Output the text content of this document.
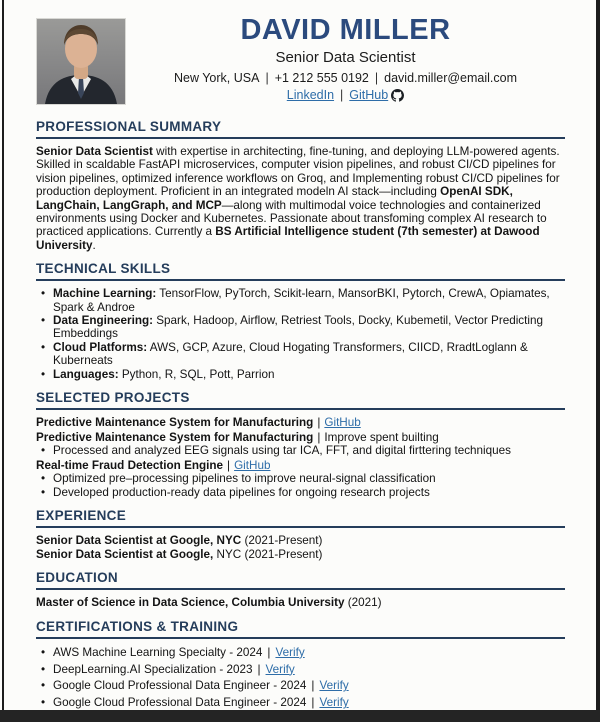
DAVID MILLER
Senior Data Scientist
New York, USA | +1 212 555 0192 | david.miller@email.com
LinkedIn | GitHub
PROFESSIONAL SUMMARY
Senior Data Scientist with expertise in architecting, fine-tuning, and deploying LLM-powered agents. Skilled in scaldable FastAPI microservices, computer vision pipelines, and robust CI/CD pipelines for vision pipelines, optimized inference workflows on Groq, and Implementing robust CI/CD pipelines for production deployment. Proficient in an integrated modeln AI stack—including OpenAI SDK, LangChain, LangGraph, and MCP—along with multimodal voice technologies and containerized environments using Docker and Kubernetes. Passionate about transfoming complex AI research to practiced applications. Currently a BS Artificial Intelligence student (7th semester) at Dawood University.
TECHNICAL SKILLS
• Machine Learning: TensorFlow, PyTorch, Scikit-learn, MansorBKI, Pytorch, CrewA, Opiamates, Spark & Androe
• Data Engineering: Spark, Hadoop, Airflow, Retriest Tools, Docky, Kubemetil, Vector Predicting Embeddings
• Cloud Platforms: AWS, GCP, Azure, Cloud Hogating Transformers, CIICD, RradtLoglann & Kuberneats
• Languages: Python, R, SQL, Pott, Parrion
SELECTED PROJECTS
Predictive Maintenance System for Manufacturing | GitHub
Predictive Maintenance System for Manufacturing | Improve spent builting
• Processed and analyzed EEG signals using tar ICA, FFT, and digital firttering techniques
Real-time Fraud Detection Engine | GitHub
• Optimized pre–processing pipelines to improve neural-signal classification
• Developed production-ready data pipelines for ongoing research projects
EXPERIENCE
Senior Data Scientist at Google, NYC (2021-Present)
Senior Data Scientist at Google, NYC (2021-Present)
EDUCATION
Master of Science in Data Science, Columbia University (2021)
CERTIFICATIONS & TRAINING
• AWS Machine Learning Specialty - 2024 | Verify
• DeepLearning.AI Specialization - 2023 | Verify
• Google Cloud Professional Data Engineer - 2024 | Verify
• Google Cloud Professional Data Engineer - 2024 | Verify
